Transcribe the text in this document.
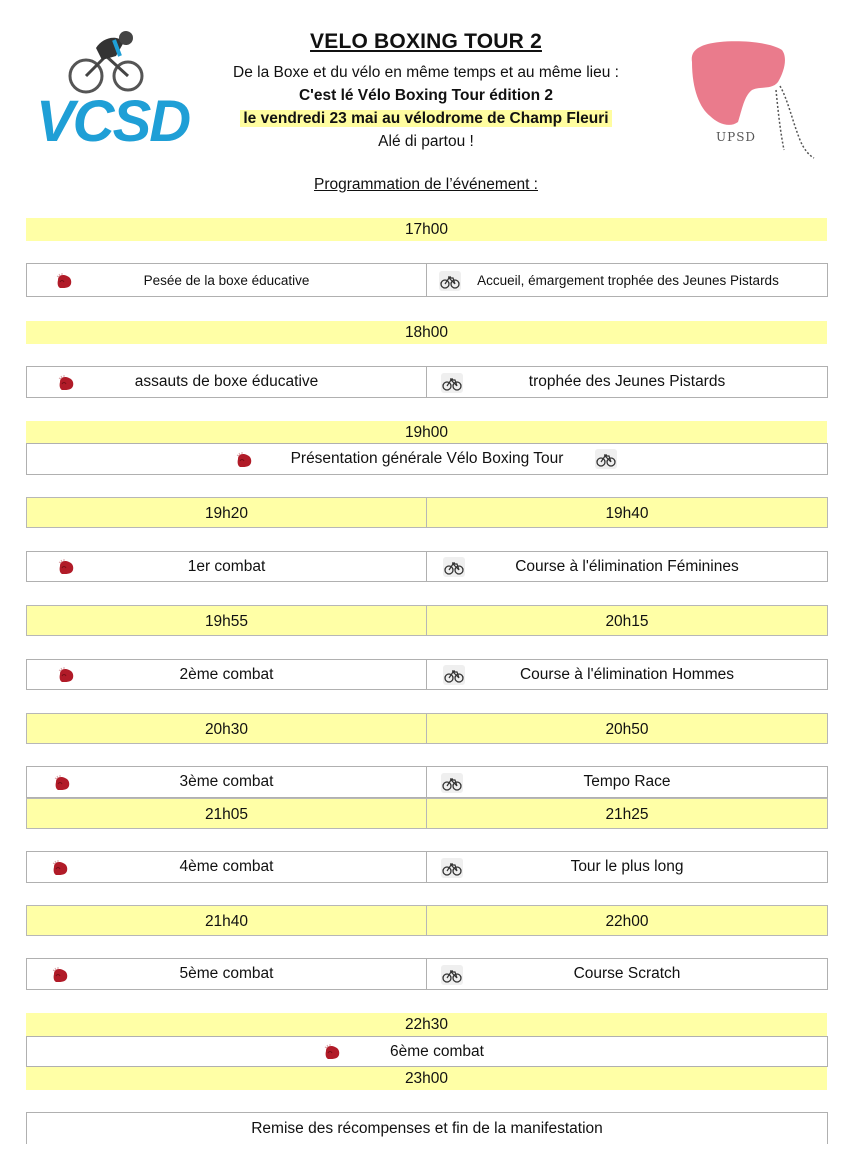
VCSD	UPSD
VELO BOXING TOUR 2
De la Boxe et du vélo en même temps et au même lieu :
C'est lé Vélo Boxing Tour édition 2
le vendredi 23 mai au vélodrome de Champ Fleuri
Alé di partou !
Programmation de l’événement :
17h00
Pesée de la boxe éducative	Accueil, émargement trophée des Jeunes Pistards
18h00
assauts de boxe éducative	trophée des Jeunes Pistards
19h00
Présentation générale Vélo Boxing Tour
19h20	19h40
1er combat	Course à l'élimination Féminines
19h55	20h15
2ème combat	Course à l'élimination Hommes
20h30	20h50
3ème combat	Tempo Race
21h05	21h25
4ème combat	Tour le plus long
21h40	22h00
5ème combat	Course Scratch
22h30
6ème combat
23h00
Remise des récompenses et fin de la manifestation
